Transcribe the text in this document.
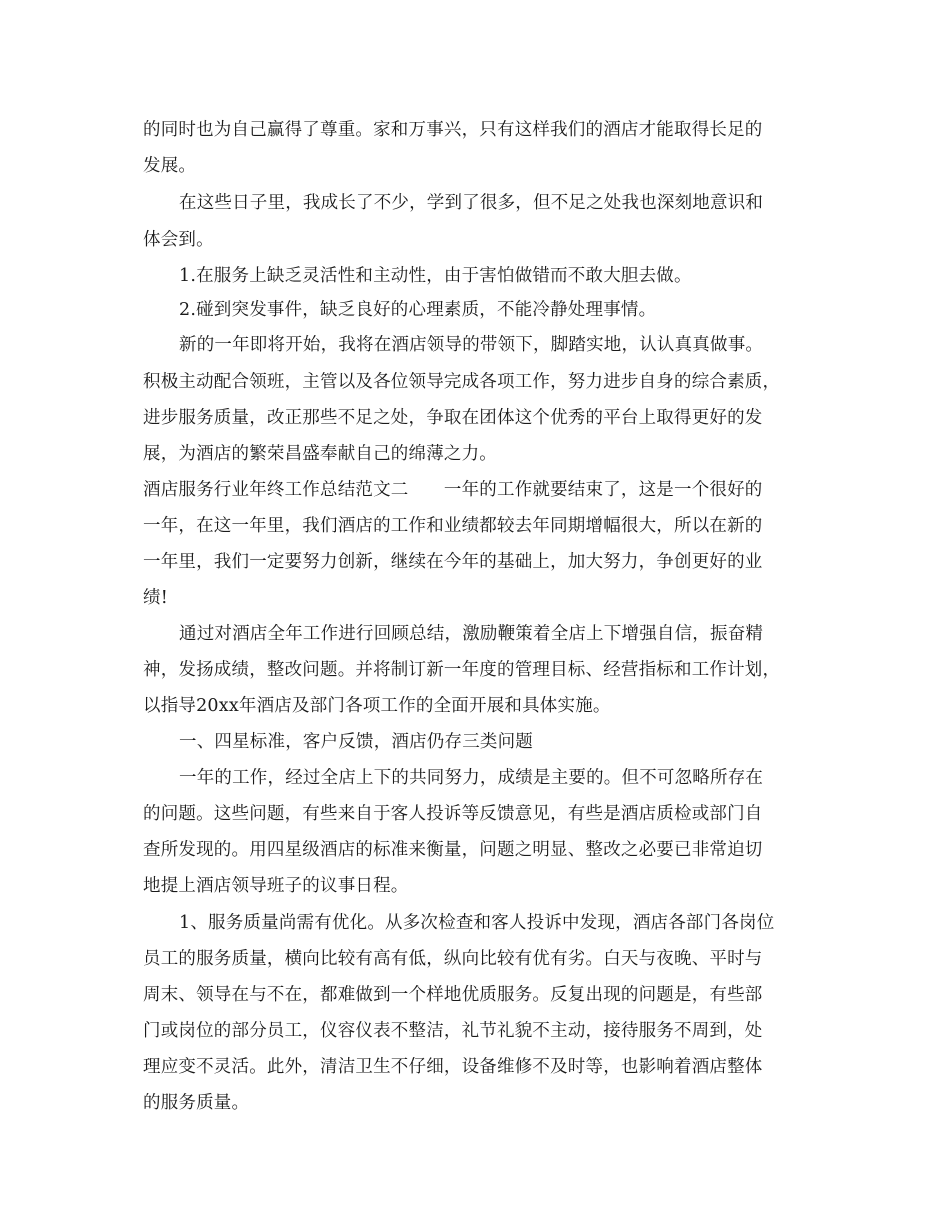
的同时也为自己赢得了尊重。家和万事兴，只有这样我们的酒店才能取得长足的
发展。
在这些日子里，我成长了不少，学到了很多，但不足之处我也深刻地意识和
体会到。
1.在服务上缺乏灵活性和主动性，由于害怕做错而不敢大胆去做。
2.碰到突发事件，缺乏良好的心理素质，不能冷静处理事情。
新的一年即将开始，我将在酒店领导的带领下，脚踏实地，认认真真做事。
积极主动配合领班，主管以及各位领导完成各项工作，努力进步自身的综合素质，
进步服务质量，改正那些不足之处，争取在团体这个优秀的平台上取得更好的发
展，为酒店的繁荣昌盛奉献自己的绵薄之力。
酒店服务行业年终工作总结范文二　　一年的工作就要结束了，这是一个很好的
一年，在这一年里，我们酒店的工作和业绩都较去年同期增幅很大，所以在新的
一年里，我们一定要努力创新，继续在今年的基础上，加大努力，争创更好的业
绩!
通过对酒店全年工作进行回顾总结，激励鞭策着全店上下增强自信，振奋精
神，发扬成绩，整改问题。并将制订新一年度的管理目标、经营指标和工作计划，
以指导20xx年酒店及部门各项工作的全面开展和具体实施。
一、四星标准，客户反馈，酒店仍存三类问题
一年的工作，经过全店上下的共同努力，成绩是主要的。但不可忽略所存在
的问题。这些问题，有些来自于客人投诉等反馈意见，有些是酒店质检或部门自
查所发现的。用四星级酒店的标准来衡量，问题之明显、整改之必要已非常迫切
地提上酒店领导班子的议事日程。
1、服务质量尚需有优化。从多次检查和客人投诉中发现，酒店各部门各岗位
员工的服务质量，横向比较有高有低，纵向比较有优有劣。白天与夜晚、平时与
周末、领导在与不在，都难做到一个样地优质服务。反复出现的问题是，有些部
门或岗位的部分员工，仪容仪表不整洁，礼节礼貌不主动，接待服务不周到，处
理应变不灵活。此外，清洁卫生不仔细，设备维修不及时等，也影响着酒店整体
的服务质量。
